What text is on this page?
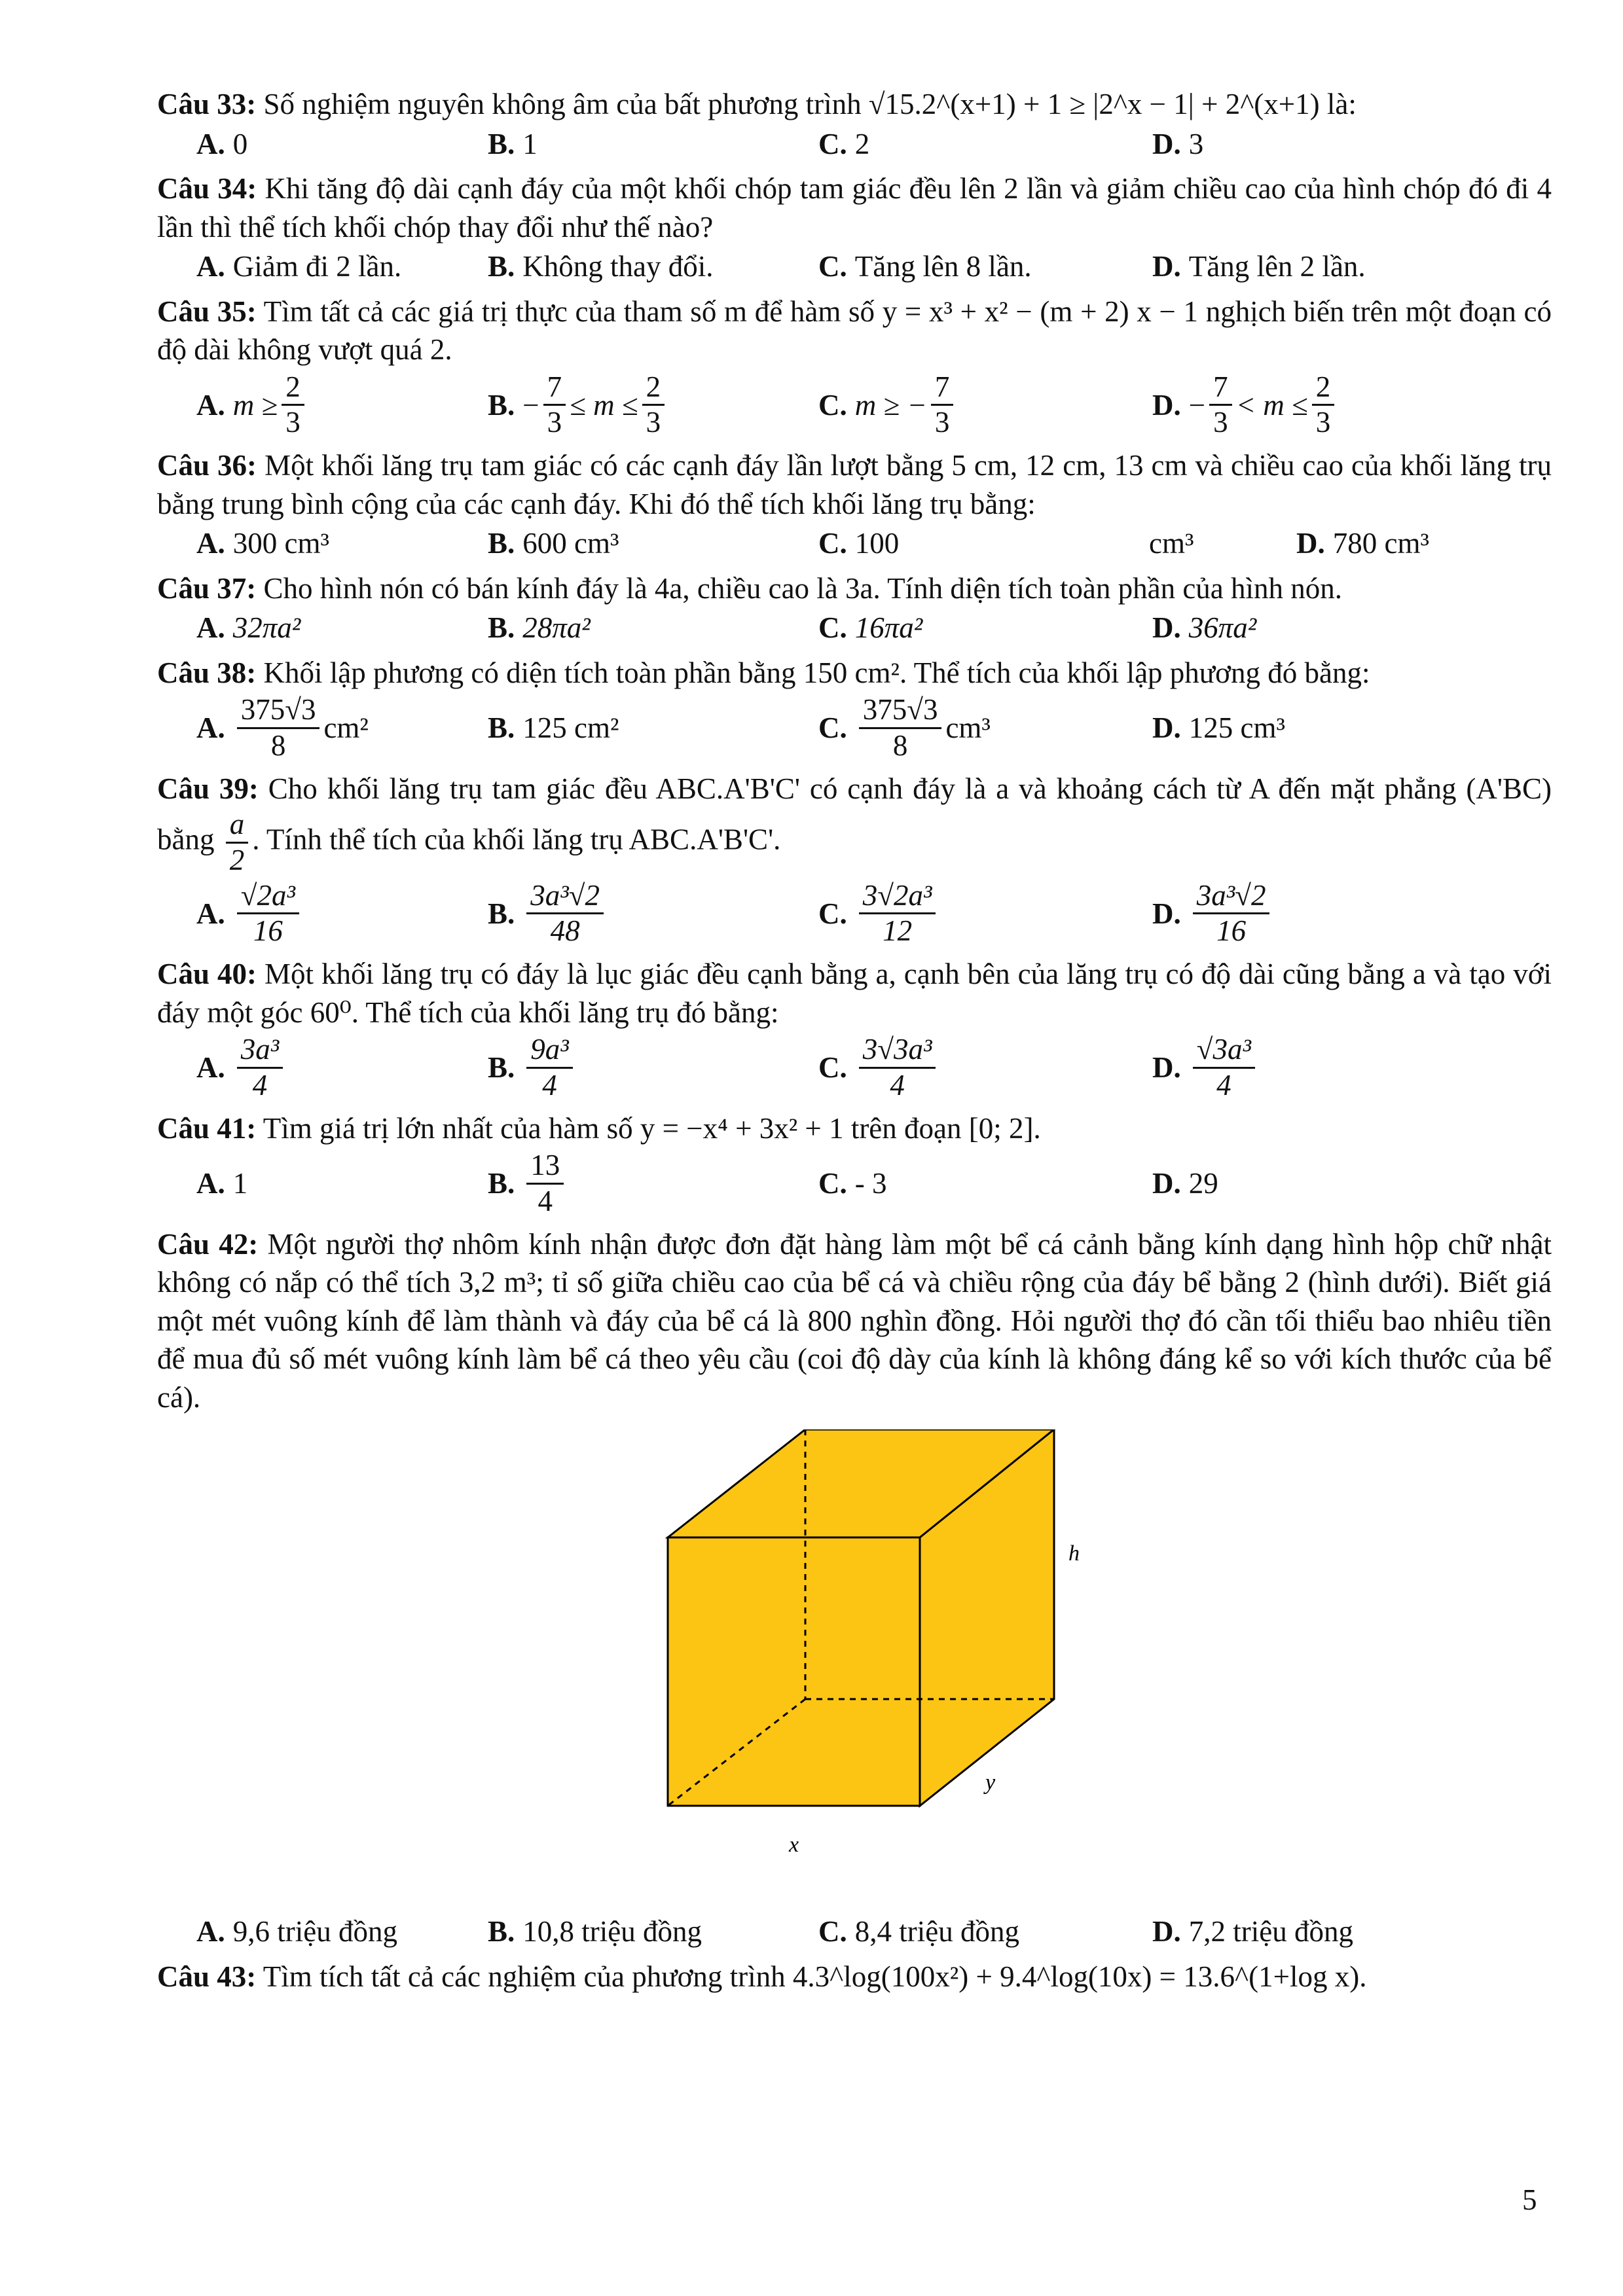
Câu 33: Số nghiệm nguyên không âm của bất phương trình √15.2^(x+1) + 1 ≥ |2^x − 1| + 2^(x+1) là:

A. 0	B. 1	C. 2	D. 3

Câu 34: Khi tăng độ dài cạnh đáy của một khối chóp tam giác đều lên 2 lần và giảm chiều cao của hình chóp đó đi 4 lần thì thể tích khối chóp thay đổi như thế nào?

A. Giảm đi 2 lần.	B. Không thay đổi.	C. Tăng lên 8 lần.	D. Tăng lên 2 lần.

Câu 35: Tìm tất cả các giá trị thực của tham số m để hàm số y = x³ + x² − (m + 2) x − 1 nghịch biến trên một đoạn có độ dài không vượt quá 2.

A. $m \ge \frac{2}{3}$	B. − $\frac{7}{3} \le m \le \frac{2}{3}$	C. m ≥ − $\frac{7}{3}$	D. − $\frac{7}{3} < m \le \frac{2}{3}$

Câu 36: Một khối lăng trụ tam giác có các cạnh đáy lần lượt bằng 5 cm, 12 cm, 13 cm và chiều cao của khối lăng trụ bằng trung bình cộng của các cạnh đáy. Khi đó thể tích khối lăng trụ bằng:

A. 300 cm³	B. 600 cm³	C. 100	cm³	D. 780 cm³

Câu 37: Cho hình nón có bán kính đáy là 4a, chiều cao là 3a. Tính diện tích toàn phần của hình nón.

A. 32πa²	B. 28πa²	C. 16πa²	D. 36πa²

Câu 38: Khối lập phương có diện tích toàn phần bằng 150 cm². Thể tích của khối lập phương đó bằng:

A. $\frac{375√3}{8} cm^2$	B. 125 cm²	C. $\frac{375√3}{8} cm^3$	D. 125 cm³

Câu 39: Cho khối lăng trụ tam giác đều ABC.A'B'C' có cạnh đáy là a và khoảng cách từ A đến mặt phẳng (A'BC) bằng $\frac{a}{2}$ . Tính thể tích của khối lăng trụ ABC.A'B'C'.

A. $\frac{\text{√2a³}}{16}$	B. $\frac{\text{3a³√2}}{48}$	C. $\frac{\text{3√2a³}}{12}$	D. $\frac{\text{3a³√2}}{16}$

Câu 40: Một khối lăng trụ có đáy là lục giác đều cạnh bằng a, cạnh bên của lăng trụ có độ dài cũng bằng a và tạo với đáy một góc 60⁰. Thể tích của khối lăng trụ đó bằng:

A. $\frac{\text{3a³}}{4}$	B. $\frac{\text{9a³}}{4}$	C. $\frac{\text{3√3a³}}{4}$	D. $\frac{\text{√3a³}}{4}$

Câu 41: Tìm giá trị lớn nhất của hàm số y = −x⁴ + 3x² + 1 trên đoạn [0; 2].

A. 1	B. $\frac{13}{4}$	C. - 3	D. 29

Câu 42: Một người thợ nhôm kính nhận được đơn đặt hàng làm một bể cá cảnh bằng kính dạng hình hộp chữ nhật không có nắp có thể tích 3,2 m³; tỉ số giữa chiều cao của bể cá và chiều rộng của đáy bể bằng 2 (hình dưới). Biết giá một mét vuông kính để làm thành và đáy của bể cá là 800 nghìn đồng. Hỏi người thợ đó cần tối thiểu bao nhiêu tiền để mua đủ số mét vuông kính làm bể cá theo yêu cầu (coi độ dày của kính là không đáng kể so với kích thước của bể cá).

h
y
x
A. 9,6 triệu đồng	B. 10,8 triệu đồng	C. 8,4 triệu đồng	D. 7,2 triệu đồng

Câu 43: Tìm tích tất cả các nghiệm của phương trình 4.3^log(100x²) + 9.4^log(10x) = 13.6^(1+log x).

5
